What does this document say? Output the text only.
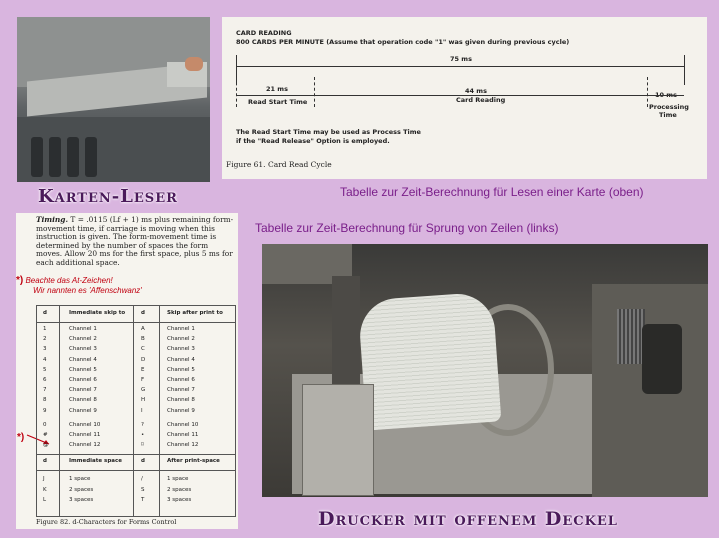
CARD READING
800 CARDS PER MINUTE (Assume that operation code "1" was given during previous cycle)
75 ms
21 ms
Read Start Time
44 ms
Card Reading
10 ms
Processing
Time
The Read Start Time may be used as Process Time
if the "Read Release" Option is employed.
Figure 61. Card Read Cycle
Karten-Leser	Tabelle zur Zeit-Berechnung für Lesen einer Karte (oben)
Tabelle zur Zeit-Berechnung für Sprung von Zeilen (links)
Timing. T = .0115 (Lf + 1) ms plus remaining form-movement time, if carriage is moving when this instruction is given. The form-movement time is determined by the number of spaces the form moves. Allow 20 ms for the first space, plus 5 ms for each additional space.
*) Beachte das At-Zeichen!
Wir nannten es 'Affenschwanz'
*)
d	Immediate skip to	d	Skip after print to
1	Channel 1	A	Channel 1
2	Channel 2	B	Channel 2
3	Channel 3	C	Channel 3
4	Channel 4	D	Channel 4
5	Channel 5	E	Channel 5
6	Channel 6	F	Channel 6
7	Channel 7	G	Channel 7
8	Channel 8	H	Channel 8
9	Channel 9	I	Channel 9
0	Channel 10	?	Channel 10
#	Channel 11	•	Channel 11
@	Channel 12	⌑	Channel 12
d	Immediate space	d	After print-space
J	1 space	/	1 space
K	2 spaces	S	2 spaces
L	3 spaces	T	3 spaces
Figure 82. d-Characters for Forms Control	Drucker mit offenem Deckel
